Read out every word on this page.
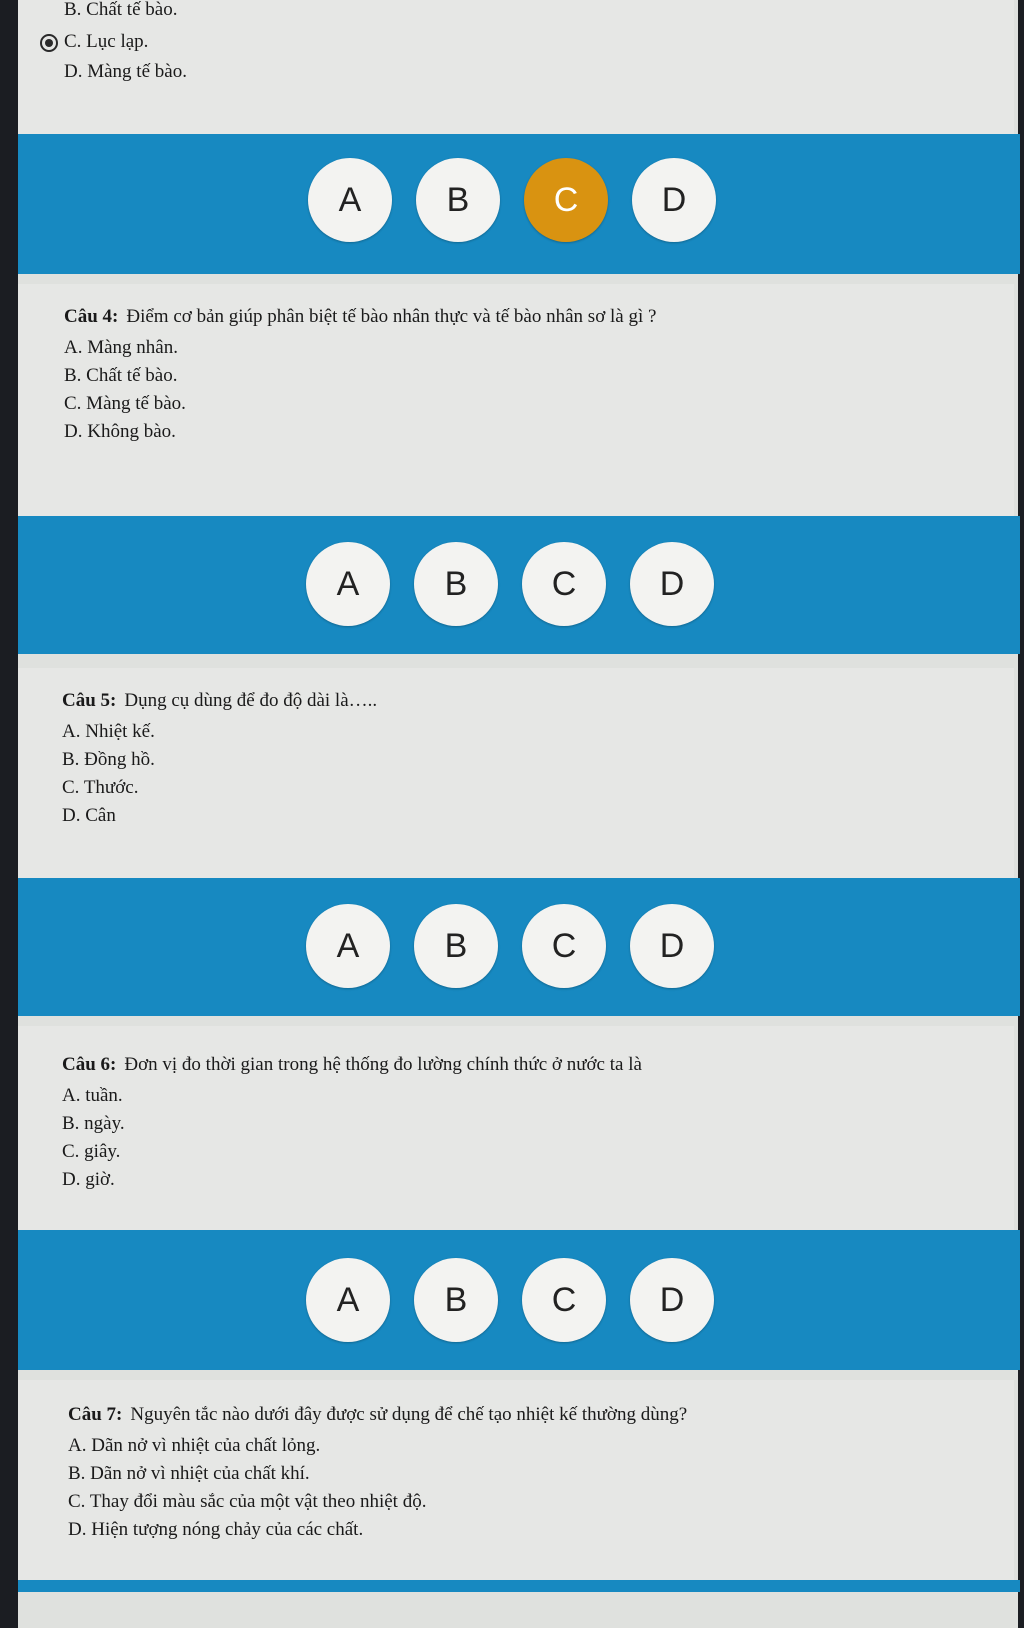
B. Chất tế bào.
C. Lục lạp.
D. Màng tế bào.
A	B	C	D
Câu 4: Điểm cơ bản giúp phân biệt tế bào nhân thực và tế bào nhân sơ là gì ?
A. Màng nhân.
B. Chất tế bào.
C. Màng tế bào.
D. Không bào.
A	B	C	D
Câu 5: Dụng cụ dùng để đo độ dài là…..
A. Nhiệt kế.
B. Đồng hồ.
C. Thước.
D. Cân
A	B	C	D
Câu 6: Đơn vị đo thời gian trong hệ thống đo lường chính thức ở nước ta là
A. tuần.
B. ngày.
C. giây.
D. giờ.
A	B	C	D
Câu 7: Nguyên tắc nào dưới đây được sử dụng để chế tạo nhiệt kế thường dùng?
A. Dãn nở vì nhiệt của chất lỏng.
B. Dãn nở vì nhiệt của chất khí.
C. Thay đổi màu sắc của một vật theo nhiệt độ.
D. Hiện tượng nóng chảy của các chất.
